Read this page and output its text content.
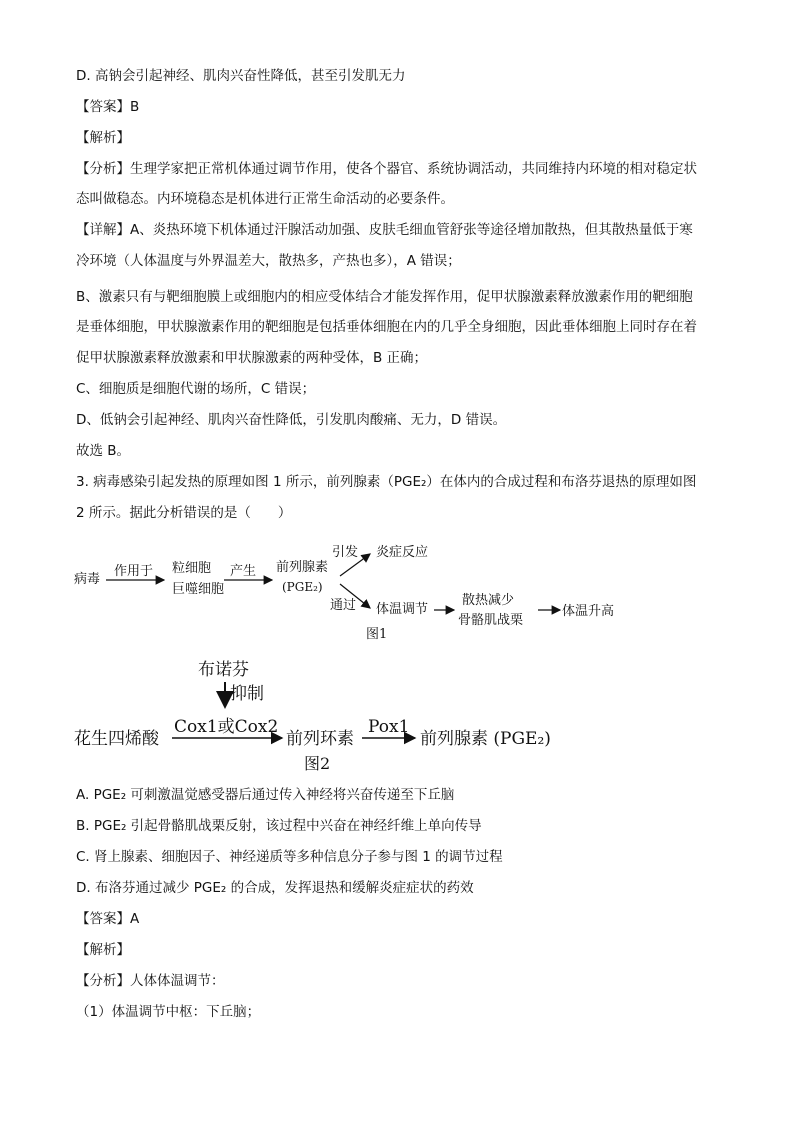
D. 高钠会引起神经、肌肉兴奋性降低，甚至引发肌无力
【答案】B
【解析】
【分析】生理学家把正常机体通过调节作用，使各个器官、系统协调活动，共同维持内环境的相对稳定状
态叫做稳态。内环境稳态是机体进行正常生命活动的必要条件。
【详解】A、炎热环境下机体通过汗腺活动加强、皮肤毛细血管舒张等途径增加散热，但其散热量低于寒
冷环境（人体温度与外界温差大，散热多，产热也多），A 错误；
B、激素只有与靶细胞膜上或细胞内的相应受体结合才能发挥作用，促甲状腺激素释放激素作用的靶细胞
是垂体细胞，甲状腺激素作用的靶细胞是包括垂体细胞在内的几乎全身细胞，因此垂体细胞上同时存在着
促甲状腺激素释放激素和甲状腺激素的两种受体，B 正确；
C、细胞质是细胞代谢的场所，C 错误；
D、低钠会引起神经、肌肉兴奋性降低，引发肌肉酸痛、无力，D 错误。
故选 B。
3. 病毒感染引起发热的原理如图 1 所示，前列腺素（PGE₂）在体内的合成过程和布洛芬退热的原理如图
2 所示。据此分析错误的是（　　）
病毒
作用于 粒细胞
巨噬细胞
产生 前列腺素
(PGE₂)
引发 炎症反应
通过 体温调节
散热减少
骨骼肌战栗
体温升高
图1
布诺芬
抑制
花生四烯酸
Cox1或Cox2
前列环素
Pox1
前列腺素 (PGE₂)
图2
A. PGE₂ 可刺激温觉感受器后通过传入神经将兴奋传递至下丘脑
B. PGE₂ 引起骨骼肌战栗反射，该过程中兴奋在神经纤维上单向传导
C. 肾上腺素、细胞因子、神经递质等多种信息分子参与图 1 的调节过程
D. 布洛芬通过减少 PGE₂ 的合成，发挥退热和缓解炎症症状的药效
【答案】A
【解析】
【分析】人体体温调节：
（1）体温调节中枢：下丘脑；
